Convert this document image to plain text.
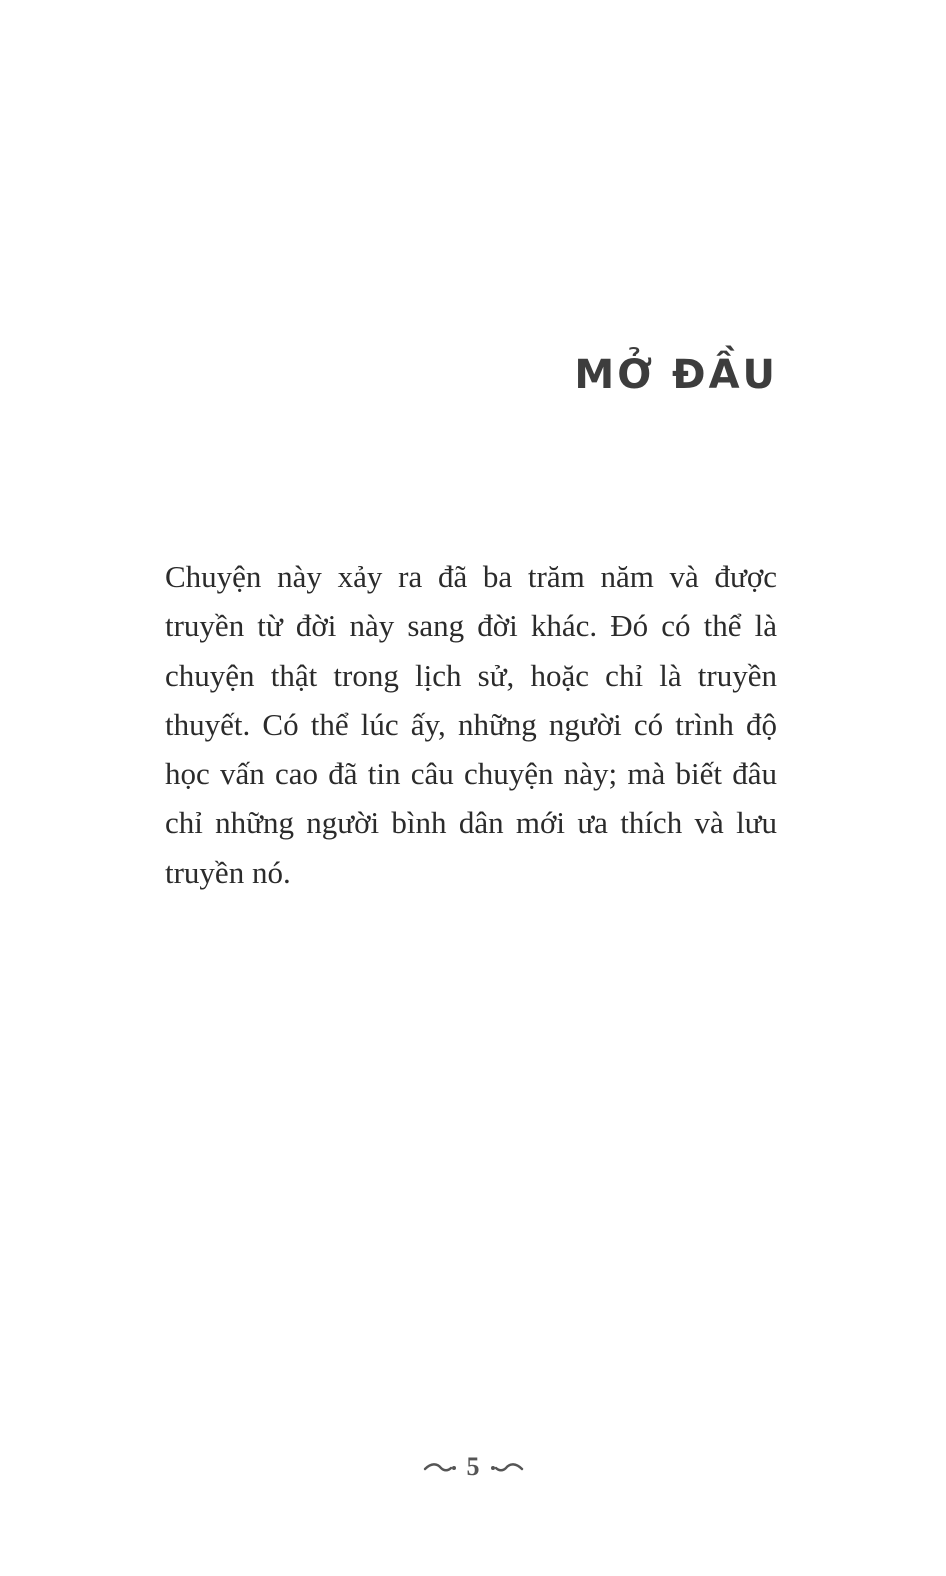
MỞ ĐẦU

Chuyện này xảy ra đã ba trăm năm và được truyền từ đời này sang đời khác. Đó có thể là chuyện thật trong lịch sử, hoặc chỉ là truyền thuyết. Có thể lúc ấy, những người có trình độ học vấn cao đã tin câu chuyện này; mà biết đâu chỉ những người bình dân mới ưa thích và lưu truyền nó.

5
